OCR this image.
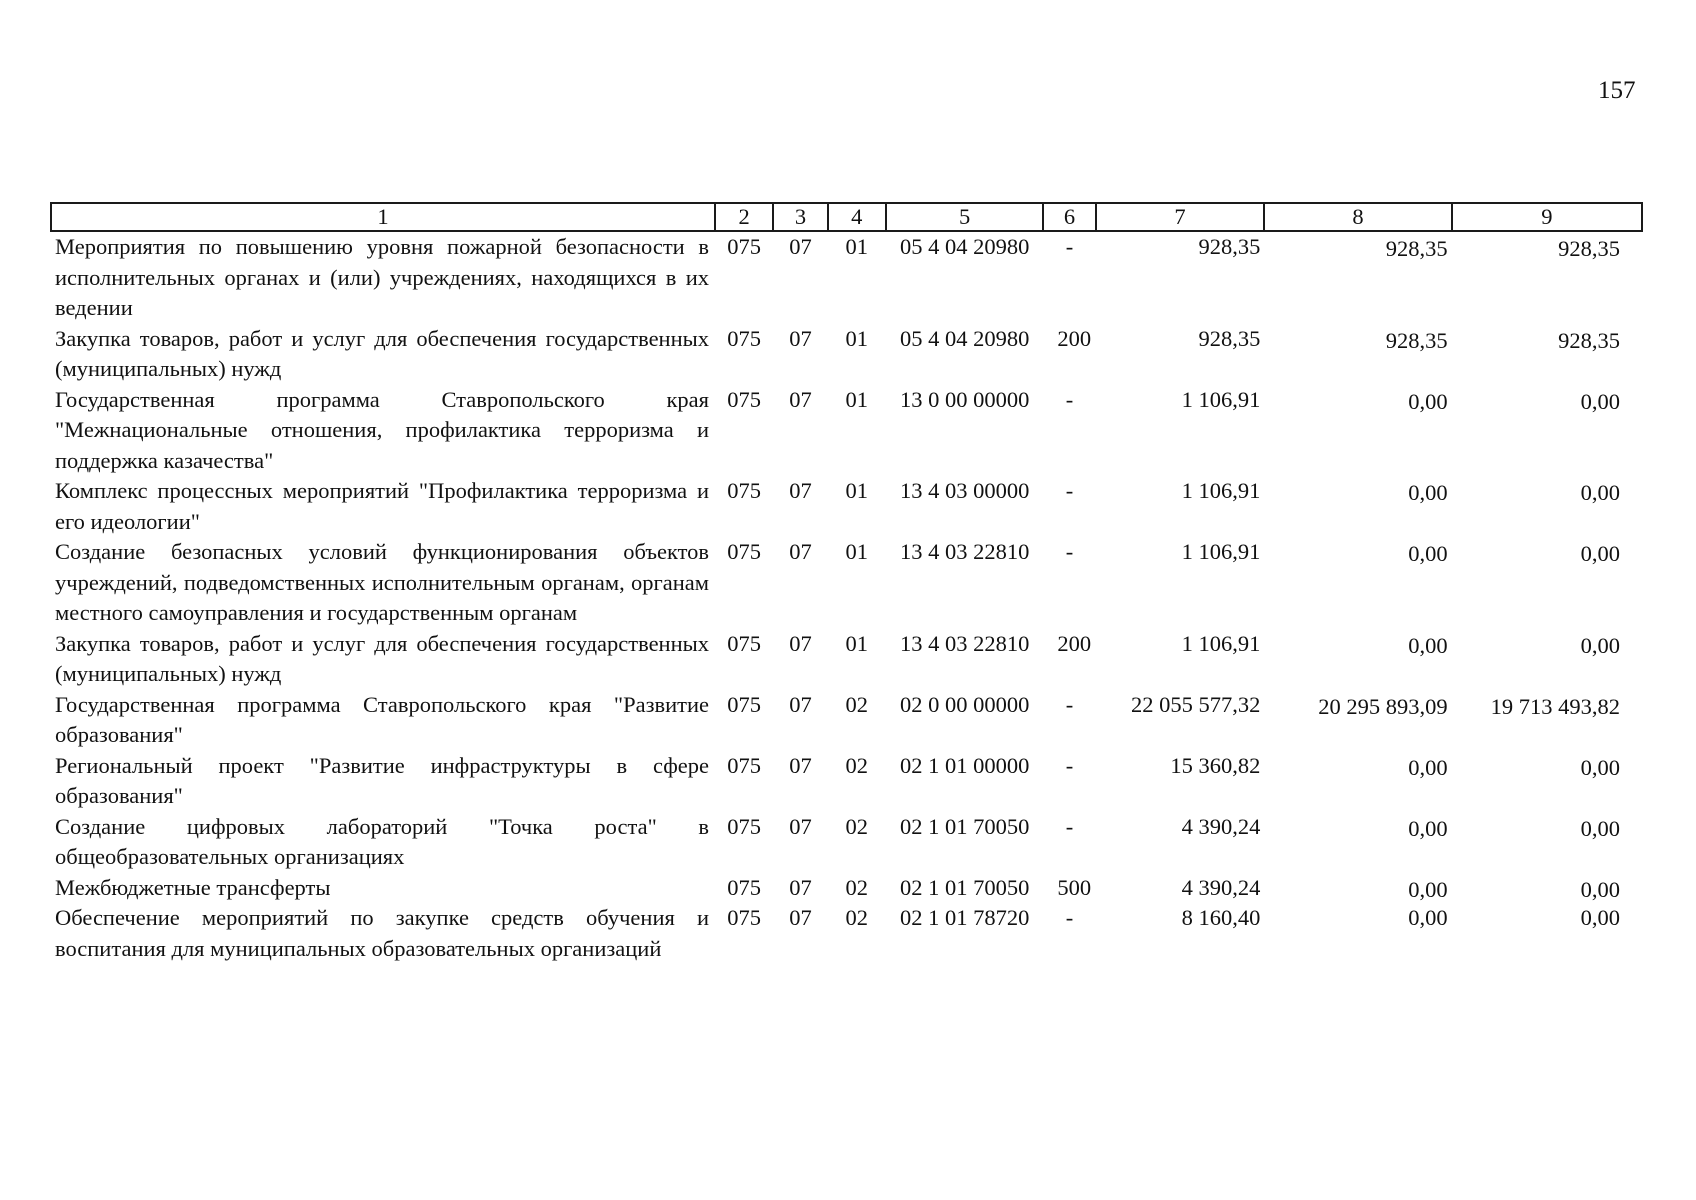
157
1	2	3	4	5	6	7	8	9
Мероприятия по повышению уровня пожарной безопасности в исполнительных органах и (или) учреждениях, находящихся в их ведении	075	07	01	05 4 04 20980	-	928,35	928,35	928,35
Закупка товаров, работ и услуг для обеспечения государственных (муниципальных) нужд	075	07	01	05 4 04 20980	200	928,35	928,35	928,35
Государственная программа Ставропольского края "Межнациональные отношения, профилактика терроризма и поддержка казачества"	075	07	01	13 0 00 00000	-	1 106,91	0,00	0,00
Комплекс процессных мероприятий "Профилактика терроризма и его идеологии"	075	07	01	13 4 03 00000	-	1 106,91	0,00	0,00
Создание безопасных условий функционирования объектов учреждений, подведомственных исполнительным органам, органам местного самоуправления и государственным органам	075	07	01	13 4 03 22810	-	1 106,91	0,00	0,00
Закупка товаров, работ и услуг для обеспечения государственных (муниципальных) нужд	075	07	01	13 4 03 22810	200	1 106,91	0,00	0,00
Государственная программа Ставропольского края "Развитие образования"	075	07	02	02 0 00 00000	-	22 055 577,32	20 295 893,09	19 713 493,82
Региональный проект "Развитие инфраструктуры в сфере образования"	075	07	02	02 1 01 00000	-	15 360,82	0,00	0,00
Создание цифровых лабораторий "Точка роста" в общеобразовательных организациях	075	07	02	02 1 01 70050	-	4 390,24	0,00	0,00
Межбюджетные трансферты	075	07	02	02 1 01 70050	500	4 390,24	0,00	0,00
Обеспечение мероприятий по закупке средств обучения и воспитания для муниципальных образовательных организаций	075	07	02	02 1 01 78720	-	8 160,40	0,00	0,00
